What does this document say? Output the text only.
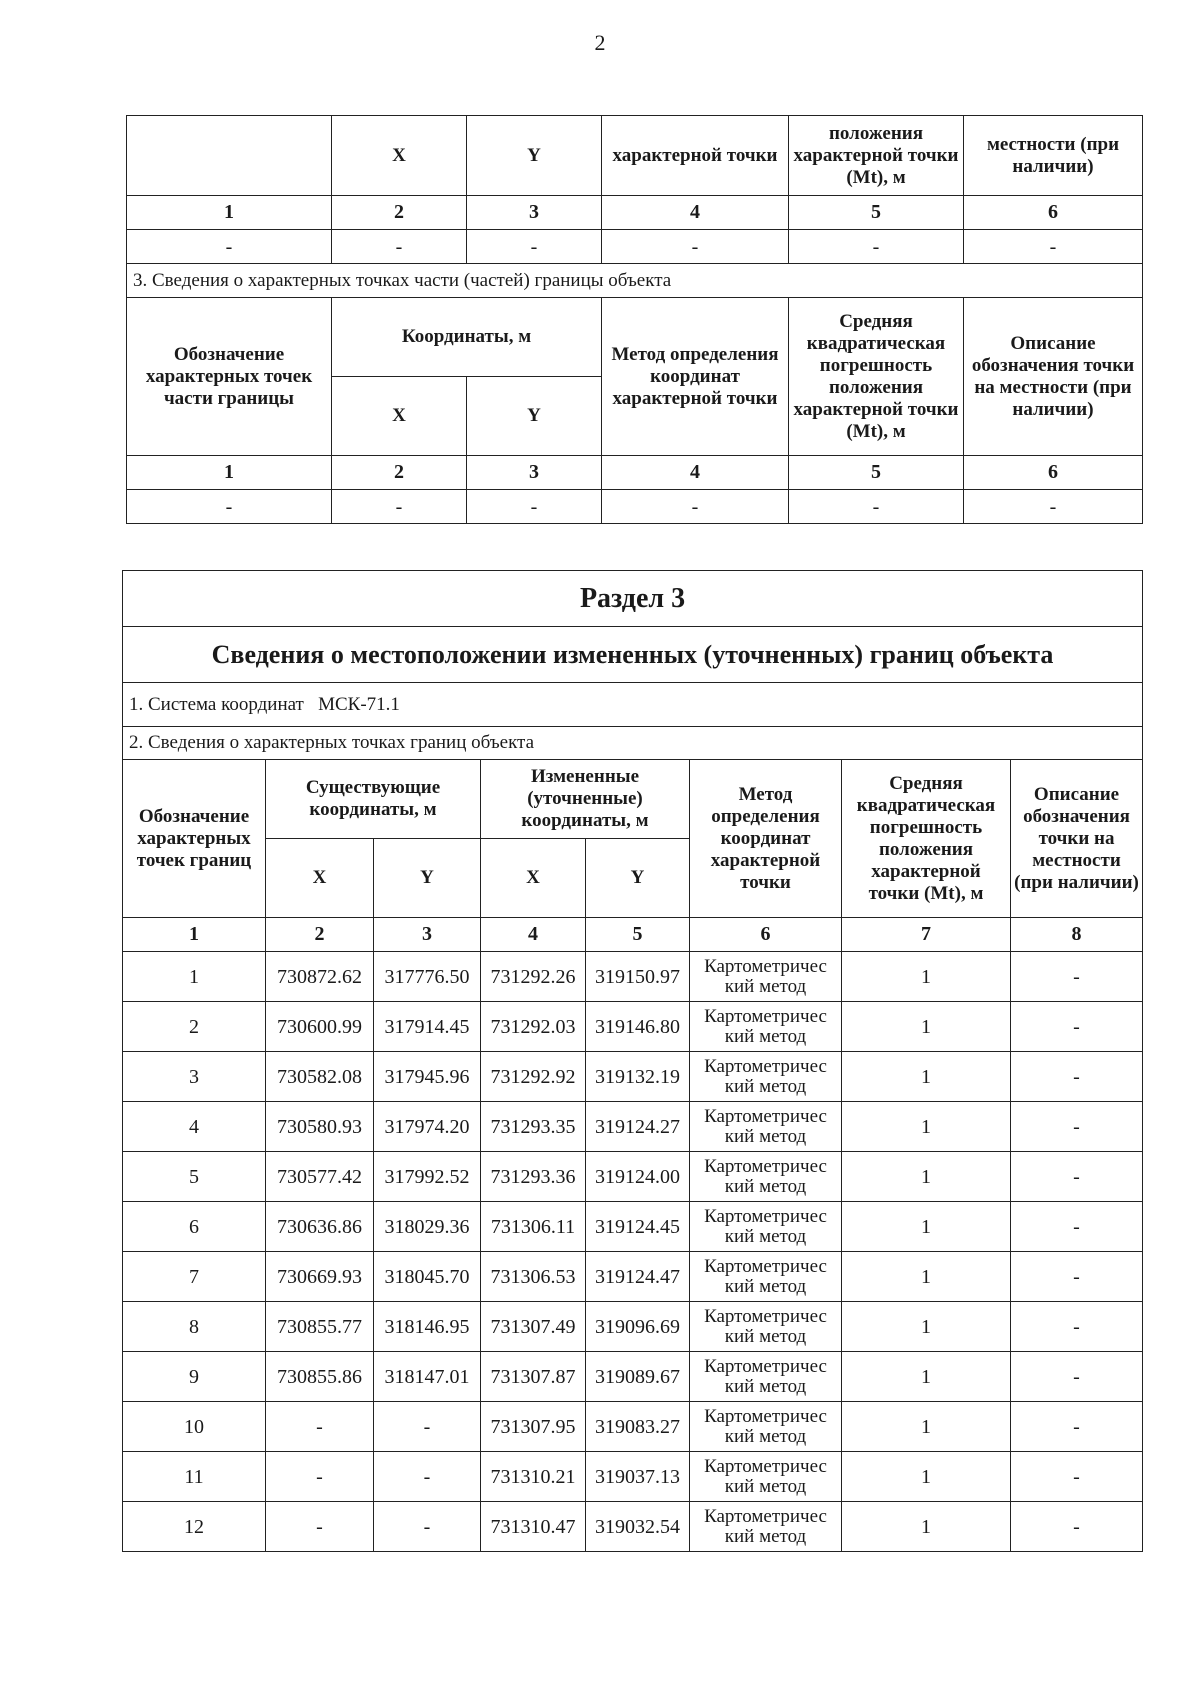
2
	X	Y	характерной точки	положения характерной точки (Mt), м	местности (при наличии)
1	2	3	4	5	6
-	-	-	-	-	-
3. Сведения о характерных точках части (частей) границы объекта					
Обозначение характерных точек части границы	Координаты, м		Метод определения координат характерной точки	Средняя квадратическая погрешность положения характерной точки (Mt), м	Описание обозначения точки на местности (при наличии)
	X	Y			
1	2	3	4	5	6
-	-	-	-	-	-
Раздел 3							
Сведения о местоположении измененных (уточненных) границ объекта							
1. Система координат   МСК-71.1							
2. Сведения о характерных точках границ объекта							
Обозначение характерных точек границ	Существующие координаты, м		Измененные (уточненные) координаты, м		Метод определения координат характерной точки	Средняя квадратическая погрешность положения характерной точки (Mt), м	Описание обозначения точки на местности (при наличии)
	X	Y	X	Y			
1	2	3	4	5	6	7	8
1	730872.62	317776.50	731292.26	319150.97	Картометричес кий метод	1	-
2	730600.99	317914.45	731292.03	319146.80	Картометричес кий метод	1	-
3	730582.08	317945.96	731292.92	319132.19	Картометричес кий метод	1	-
4	730580.93	317974.20	731293.35	319124.27	Картометричес кий метод	1	-
5	730577.42	317992.52	731293.36	319124.00	Картометричес кий метод	1	-
6	730636.86	318029.36	731306.11	319124.45	Картометричес кий метод	1	-
7	730669.93	318045.70	731306.53	319124.47	Картометричес кий метод	1	-
8	730855.77	318146.95	731307.49	319096.69	Картометричес кий метод	1	-
9	730855.86	318147.01	731307.87	319089.67	Картометричес кий метод	1	-
10	-	-	731307.95	319083.27	Картометричес кий метод	1	-
11	-	-	731310.21	319037.13	Картометричес кий метод	1	-
12	-	-	731310.47	319032.54	Картометричес кий метод	1	-
